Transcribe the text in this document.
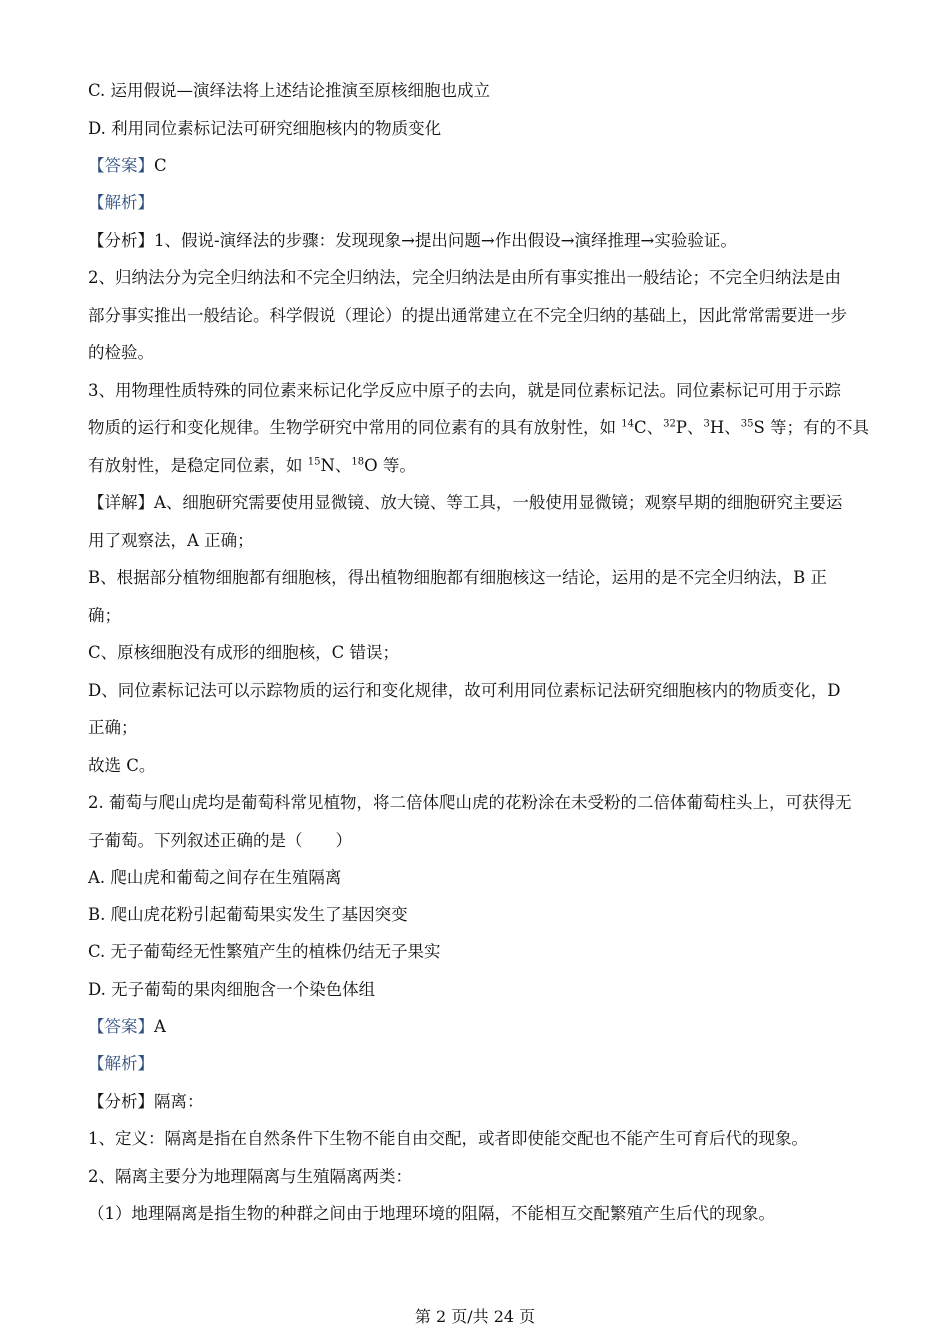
C. 运用假说—演绎法将上述结论推演至原核细胞也成立
D. 利用同位素标记法可研究细胞核内的物质变化
【答案】C
【解析】
【分析】1、假说-演绎法的步骤：发现现象→提出问题→作出假设→演绎推理→实验验证。
2、归纳法分为完全归纳法和不完全归纳法，完全归纳法是由所有事实推出一般结论；不完全归纳法是由
部分事实推出一般结论。科学假说（理论）的提出通常建立在不完全归纳的基础上，因此常常需要进一步
的检验。
3、用物理性质特殊的同位素来标记化学反应中原子的去向，就是同位素标记法。同位素标记可用于示踪
物质的运行和变化规律。生物学研究中常用的同位素有的具有放射性，如 $^{14}$C、$^{32}$P、$^3$H、$^{35}$S 等；有的不具
有放射性，是稳定同位素，如 $^{15}$N、$^{18}$O 等。
【详解】A、细胞研究需要使用显微镜、放大镜、等工具，一般使用显微镜；观察早期的细胞研究主要运
用了观察法，A 正确；
B、根据部分植物细胞都有细胞核，得出植物细胞都有细胞核这一结论，运用的是不完全归纳法，B 正
确；
C、原核细胞没有成形的细胞核，C 错误；
D、同位素标记法可以示踪物质的运行和变化规律，故可利用同位素标记法研究细胞核内的物质变化，D
正确；
故选 C。
2. 葡萄与爬山虎均是葡萄科常见植物，将二倍体爬山虎的花粉涂在未受粉的二倍体葡萄柱头上，可获得无
子葡萄。下列叙述正确的是（　　）
A. 爬山虎和葡萄之间存在生殖隔离
B. 爬山虎花粉引起葡萄果实发生了基因突变
C. 无子葡萄经无性繁殖产生的植株仍结无子果实
D. 无子葡萄的果肉细胞含一个染色体组
【答案】A
【解析】
【分析】隔离：
1、定义：隔离是指在自然条件下生物不能自由交配，或者即使能交配也不能产生可育后代的现象。
2、隔离主要分为地理隔离与生殖隔离两类：
（1）地理隔离是指生物的种群之间由于地理环境的阻隔，不能相互交配繁殖产生后代的现象。
第 2 页/共 24 页
